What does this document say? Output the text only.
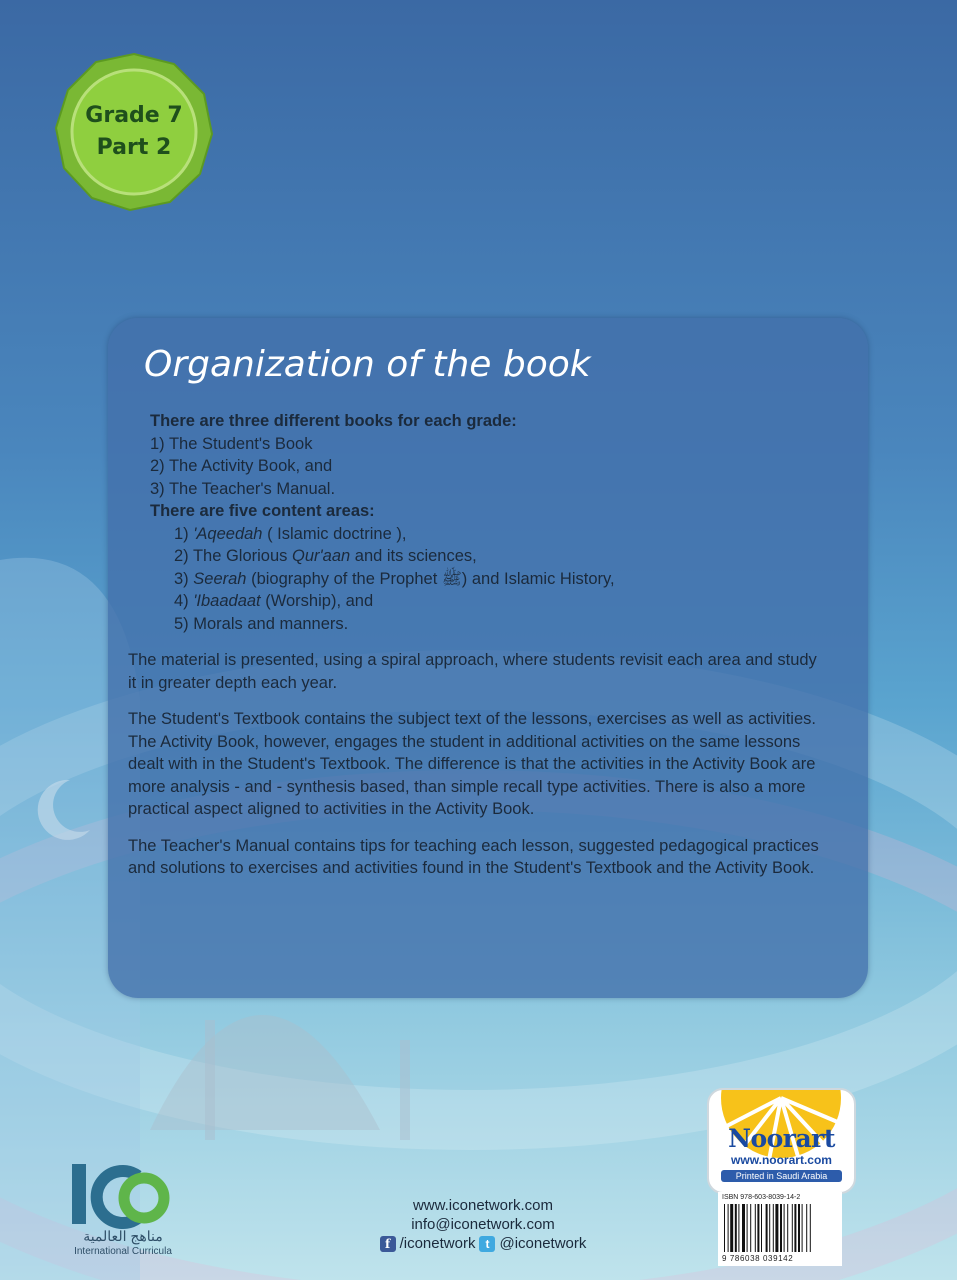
Grade 7
Part 2
Organization of the book
There are three different books for each grade:
1) The Student's Book
2) The Activity Book, and
3) The Teacher's Manual.
There are five content areas:
1) 'Aqeedah ( Islamic doctrine ),
2) The Glorious Qur'aan and its sciences,
3) Seerah (biography of the Prophet ﷺ) and Islamic History,
4) 'Ibaadaat (Worship), and
5) Morals and manners.
The material is presented, using a spiral approach, where students revisit each area and study it in greater depth each year.
The Student's Textbook contains the subject text of the lessons, exercises as well as activities. The Activity Book, however, engages the student in additional activities on the same lessons dealt with in the Student's Textbook. The difference is that the activities in the Activity Book are more analysis - and - synthesis based, than simple recall type activities. There is also a more practical aspect aligned to activities in the Activity Book.
The Teacher's Manual contains tips for teaching each lesson, suggested pedagogical practices and solutions to exercises and activities found in the Student's Textbook and the Activity Book.
مناهج العالمية
International Curricula
www.iconetwork.com
info@iconetwork.com
f /iconetwork t @iconetwork
Noorart
www.noorart.com
Printed in Saudi Arabia
ISBN 978-603-8039-14-2
9 786038 039142
